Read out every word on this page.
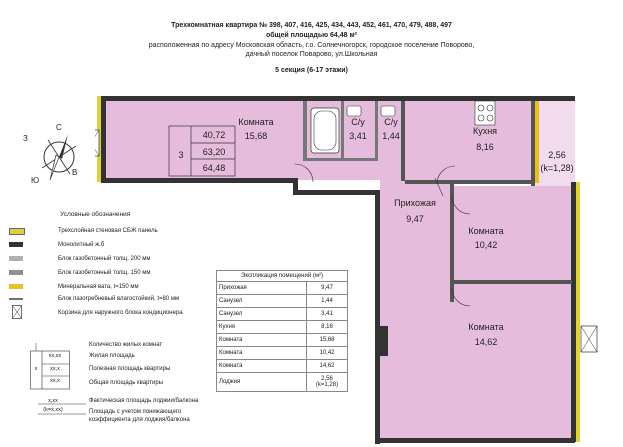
Трехкомнатная квартира № 398, 407, 416, 425, 434, 443, 452, 461, 470, 479, 488, 497
общей площадью 64,48 м²
расположенная по адресу Московская область, г.о. Солнечногорск, городское поселение Поворово,
дачный поселок Поварово, ул.Школьная
5 секция (6-17 этажи)
С
З
Ю
В
3
40,72
63,20
64,48
Комната
15,68
С/у
3,41
С/у
1,44	Кухня
8,16
2,56
(k=1,28)
Прихожая
9,47
Комната
10,42
Комната
14,62
Условные обозначения
Трехслойная стеновая СБЖ панель
Монолитный ж.б
Блок газобетонный толщ. 200 мм
Блок газобетонный толщ. 150 мм
Минеральная вата, t=150 мм
Блок пазогребневый влагостойкий, t=80 мм
Корзина для наружного блока кондиционера
Экспликация помещений (м²)	
Прихожая	9,47
Санузел	1,44
Санузел	3,41
Кухня	8,16
Комната	15,68
Комната	10,42
Комната	14,62
Лоджия	2,56
(k=1,28)
x
xx,xx
xx,x
xx,x
Количество жилых комнат
Жилая площадь
Полезная площадь квартиры
Общая площадь квартиры
x,xx
(k=x,xx)
Фактическая площадь лоджии/балкона
Площадь с учетом понижающего
коэффициента для лоджия/балкона
